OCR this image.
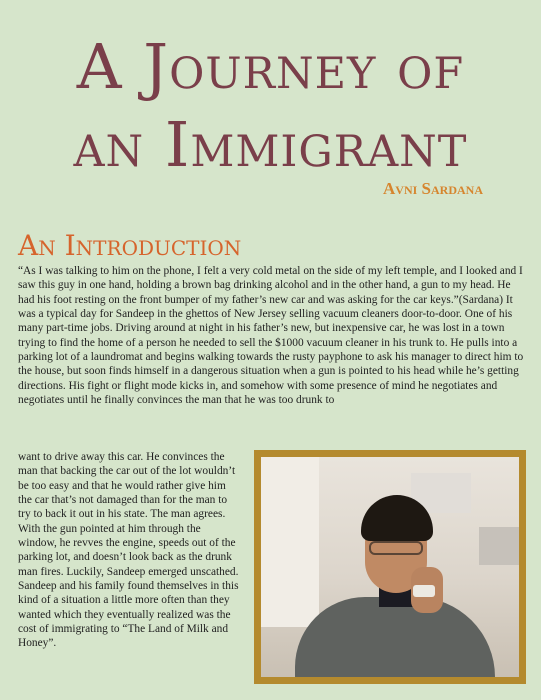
A Journey of
an Immigrant
Avni Sardana
An Introduction

“As I was talking to him on the phone, I felt a very cold metal on the side of my left temple, and I looked and I saw this guy in one hand, holding a brown bag drinking alcohol and in the other hand, a gun to my head. He had his foot resting on the front bumper of my father’s new car and was asking for the car keys.”(Sardana) It was a typical day for Sandeep in the ghettos of New Jersey selling vacuum cleaners door-to-door. One of his many part-time jobs. Driving around at night in his father’s new, but inexpensive car, he was lost in a town trying to find the home of a person he needed to sell the $1000 vacuum cleaner in his trunk to. He pulls into a parking lot of a laundromat and begins walking towards the rusty payphone to ask his manager to direct him to the house, but soon finds himself in a dangerous situation when a gun is pointed to his head while he’s getting directions. His fight or flight mode kicks in, and somehow with some presence of mind he negotiates and negotiates until he finally convinces the man that he was too drunk to

want to drive away this car. He convinces the man that backing the car out of the lot wouldn’t be too easy and that he would rather give him the car that’s not damaged than for the man to try to back it out in his state. The man agrees. With the gun pointed at him through the window, he revves the engine, speeds out of the parking lot, and doesn’t look back as the drunk man fires. Luckily, Sandeep emerged unscathed. Sandeep and his family found themselves in this kind of a situation a little more often than they wanted which they eventually realized was the cost of immigrating to “The Land of Milk and Honey”.
